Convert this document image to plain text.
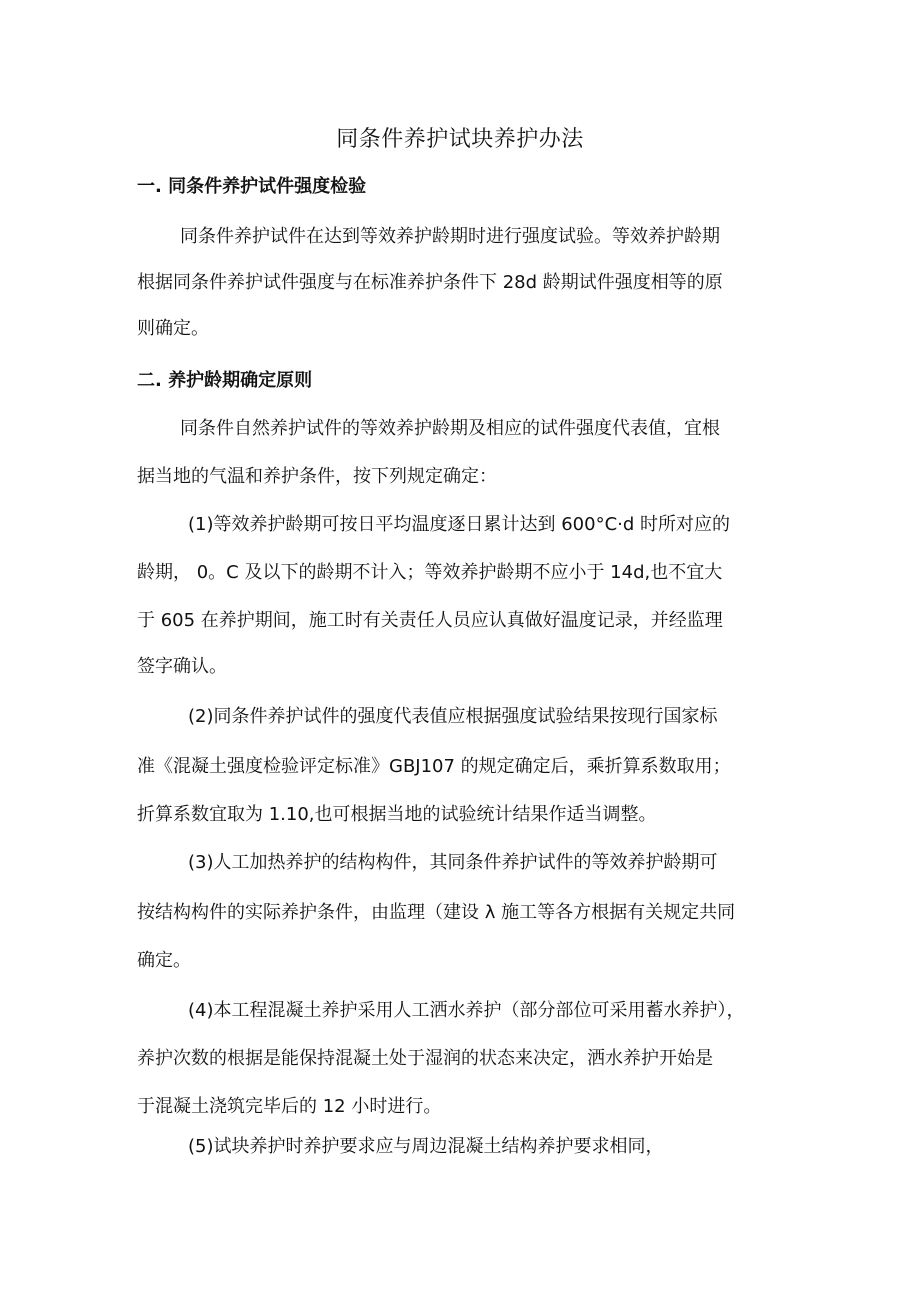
同条件养护试块养护办法
一. 同条件养护试件强度检验
同条件养护试件在达到等效养护龄期时进行强度试验。等效养护龄期
根据同条件养护试件强度与在标准养护条件下 28d 龄期试件强度相等的原
则确定。
二. 养护龄期确定原则
同条件自然养护试件的等效养护龄期及相应的试件强度代表值，宜根
据当地的气温和养护条件，按下列规定确定：
(1)等效养护龄期可按日平均温度逐日累计达到 600°C·d 时所对应的
龄期， 0。C 及以下的龄期不计入；等效养护龄期不应小于 14d,也不宜大
于 605 在养护期间，施工时有关责任人员应认真做好温度记录，并经监理
签字确认。
(2)同条件养护试件的强度代表值应根据强度试验结果按现行国家标
准《混凝土强度检验评定标准》GBJ107 的规定确定后，乘折算系数取用；
折算系数宜取为 1.10,也可根据当地的试验统计结果作适当调整。
(3)人工加热养护的结构构件，其同条件养护试件的等效养护龄期可
按结构构件的实际养护条件，由监理（建设 λ 施工等各方根据有关规定共同
确定。
(4)本工程混凝土养护采用人工洒水养护（部分部位可采用蓄水养护），
养护次数的根据是能保持混凝土处于湿润的状态来决定，洒水养护开始是
于混凝土浇筑完毕后的 12 小时进行。
(5)试块养护时养护要求应与周边混凝土结构养护要求相同，
